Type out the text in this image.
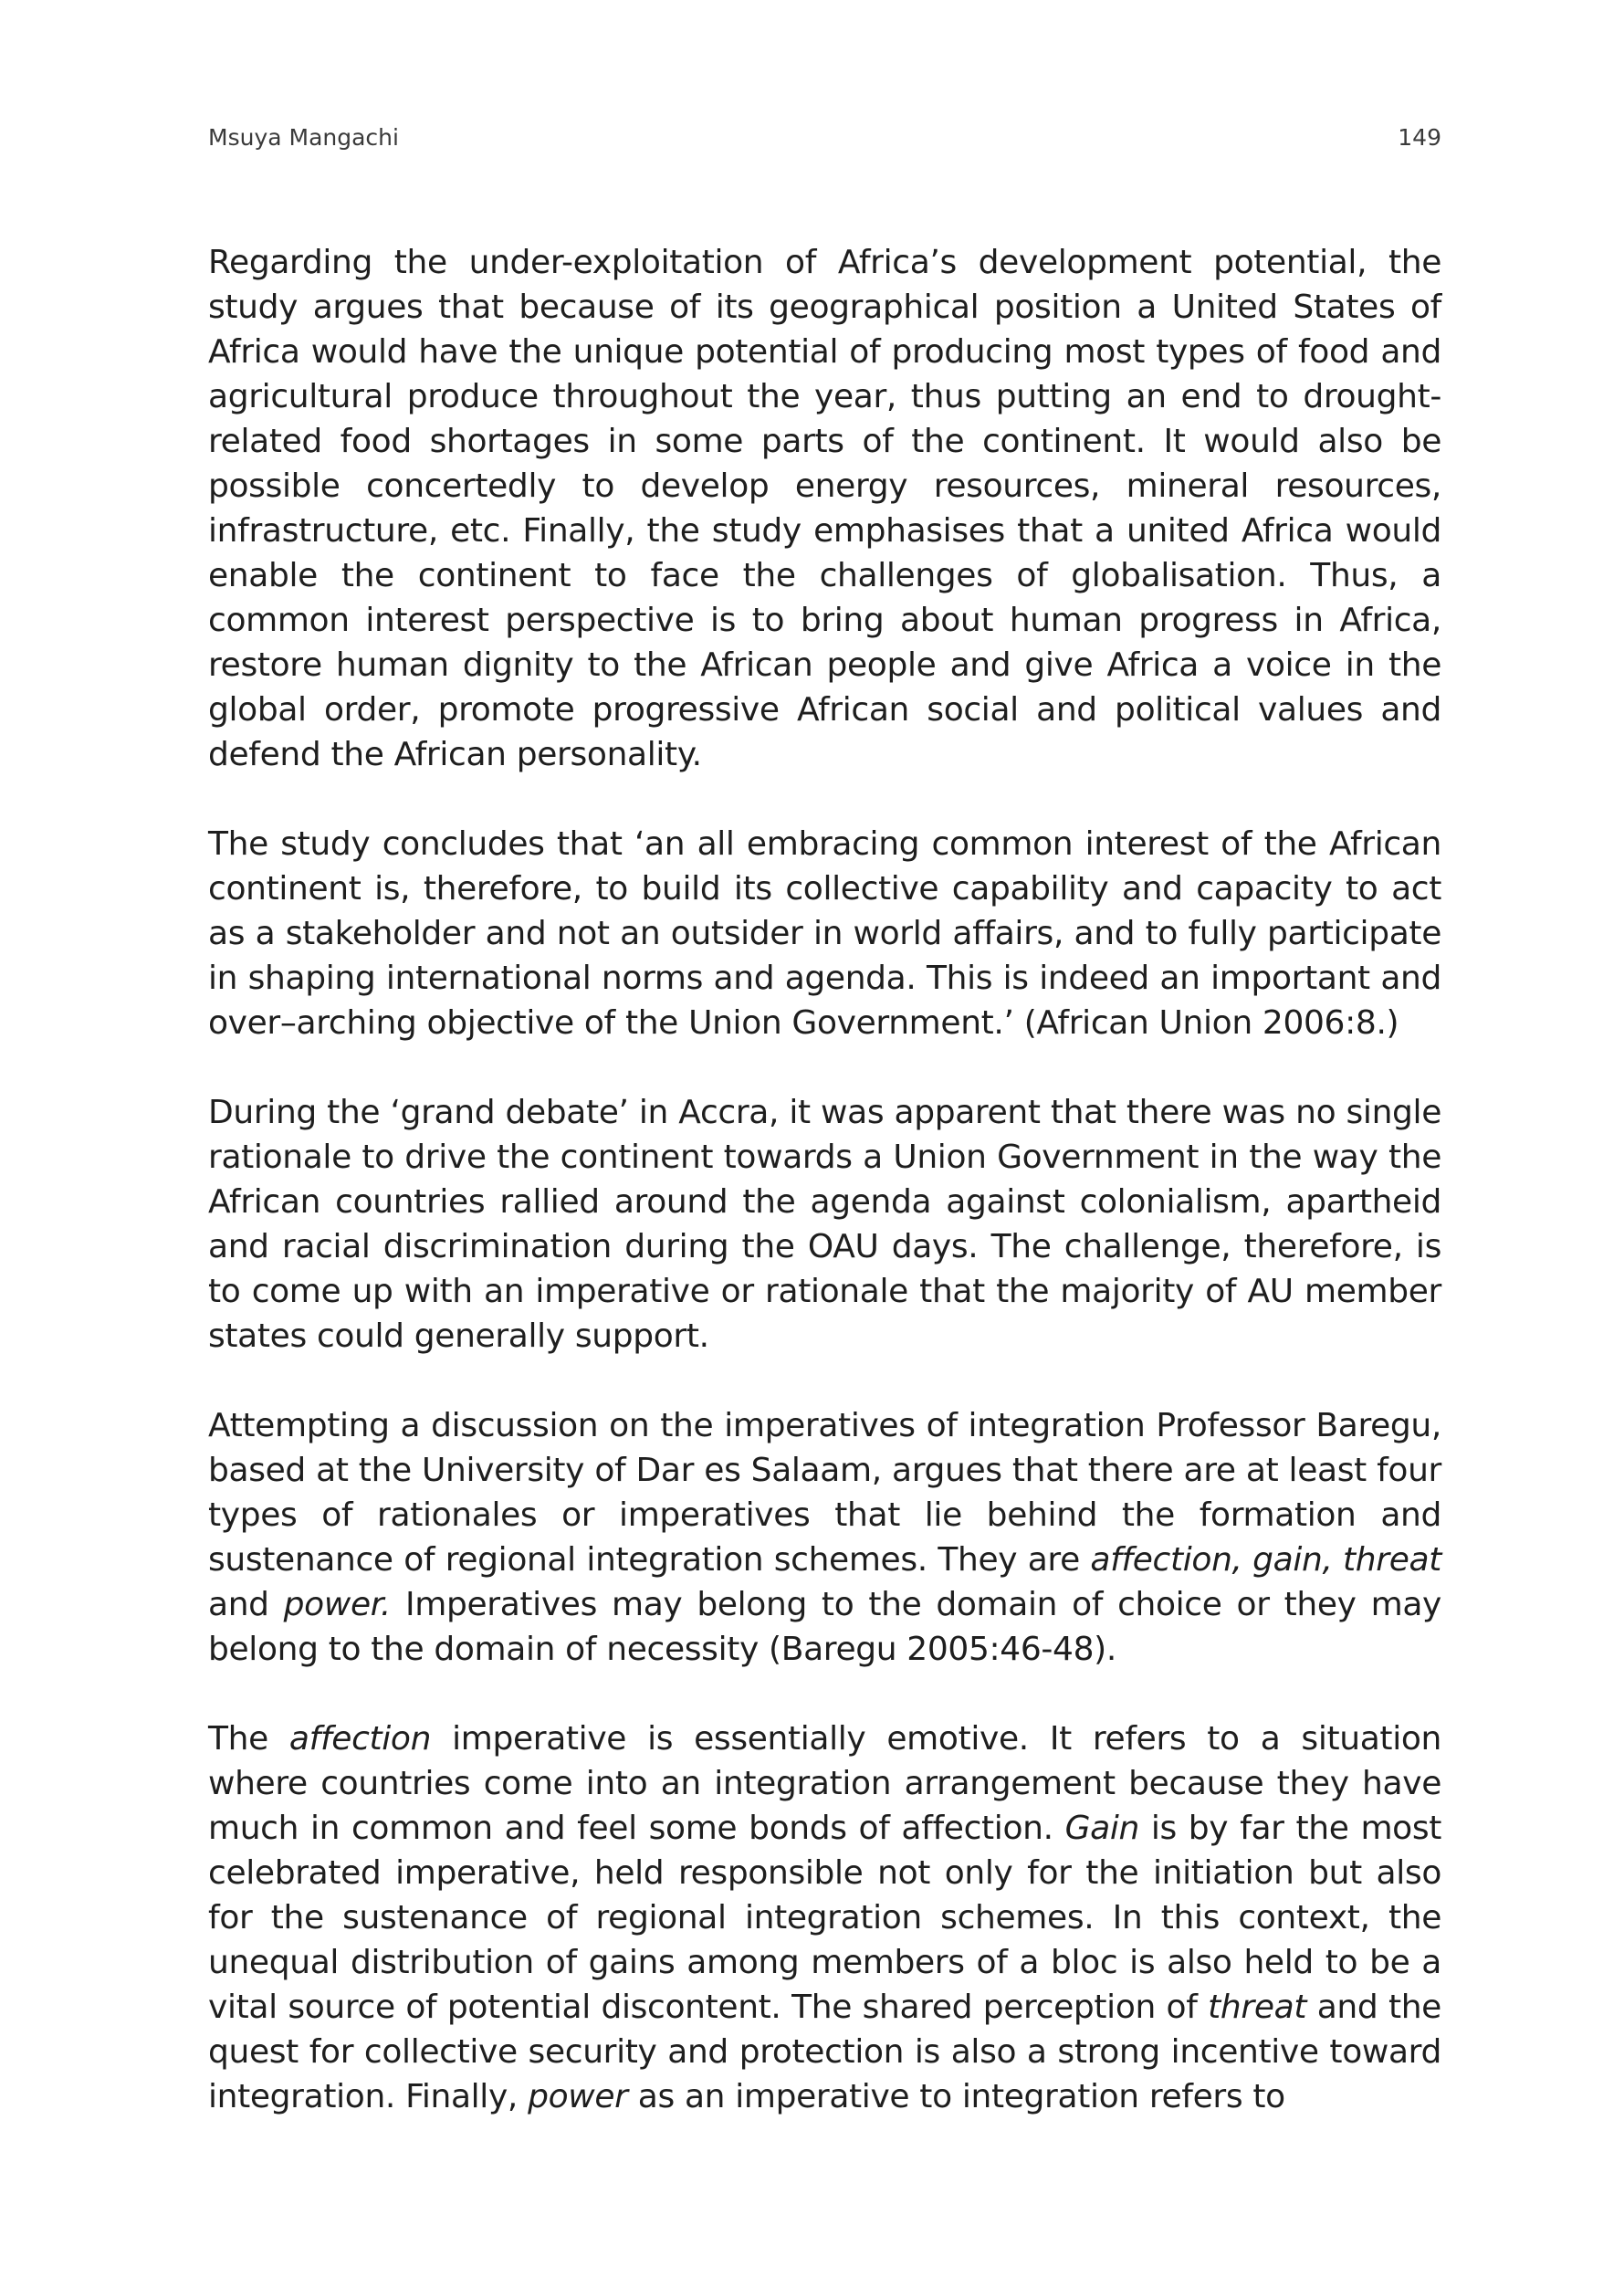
Msuya Mangachi	149

Regarding the under-exploitation of Africa’s development potential, the study argues that because of its geographical position a United States of Africa would have the unique potential of producing most types of food and agricultural produce throughout the year, thus putting an end to drought-related food shortages in some parts of the continent. It would also be possible concertedly to develop energy resources, mineral resources, infrastructure, etc. Finally, the study emphasises that a united Africa would enable the continent to face the challenges of globalisation. Thus, a common interest perspective is to bring about human progress in Africa, restore human dignity to the African people and give Africa a voice in the global order, promote progressive African social and political values and defend the African personality.

The study concludes that ‘an all embracing common interest of the African continent is, therefore, to build its collective capability and capacity to act as a stakeholder and not an outsider in world affairs, and to fully participate in shaping international norms and agenda. This is indeed an important and over–arching objective of the Union Government.’ (African Union 2006:8.)

During the ‘grand debate’ in Accra, it was apparent that there was no single rationale to drive the continent towards a Union Government in the way the African countries rallied around the agenda against colonialism, apartheid and racial discrimination during the OAU days. The challenge, therefore, is to come up with an imperative or rationale that the majority of AU member states could generally support.

Attempting a discussion on the imperatives of integration Professor Baregu, based at the University of Dar es Salaam, argues that there are at least four types of rationales or imperatives that lie behind the formation and sustenance of regional integration schemes. They are affection, gain, threat and power. Imperatives may belong to the domain of choice or they may belong to the domain of necessity (Baregu 2005:46-48).

The affection imperative is essentially emotive. It refers to a situation where countries come into an integration arrangement because they have much in common and feel some bonds of affection. Gain is by far the most celebrated imperative, held responsible not only for the initiation but also for the sustenance of regional integration schemes. In this context, the unequal distribution of gains among members of a bloc is also held to be a vital source of potential discontent. The shared perception of threat and the quest for collective security and protection is also a strong incentive toward integration. Finally, power as an imperative to integration refers to
